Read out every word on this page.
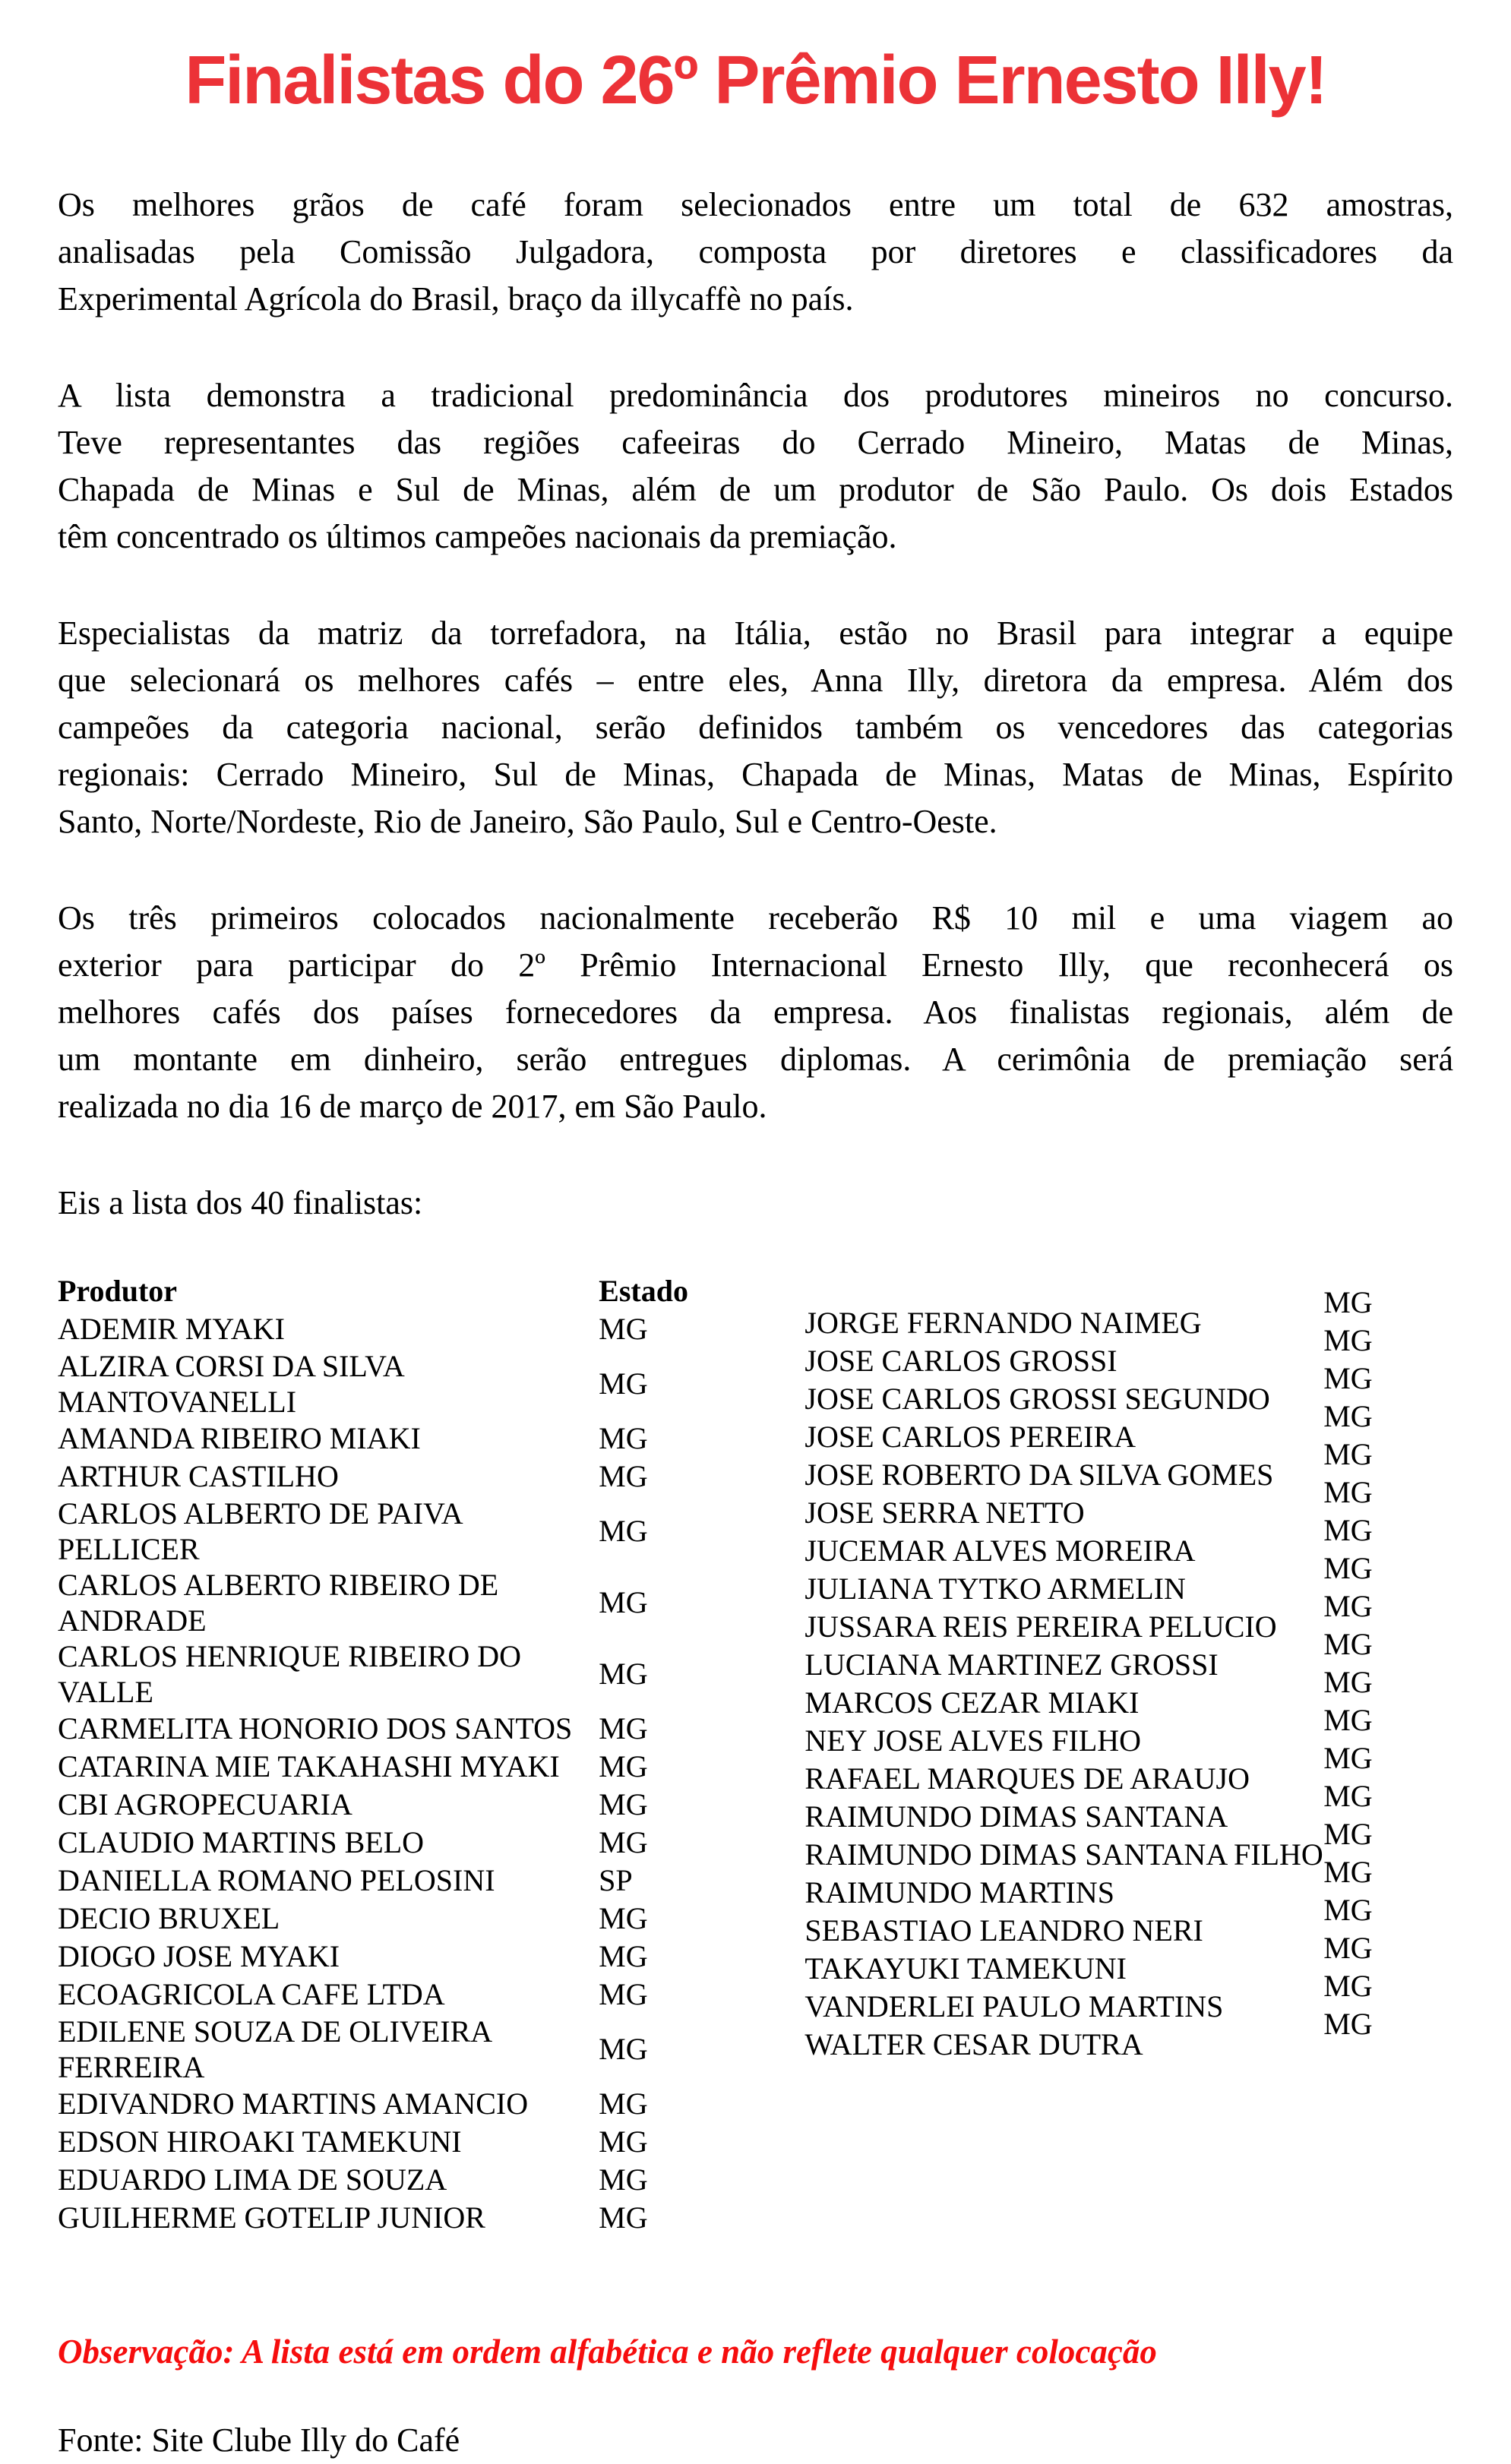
Finalistas do 26º Prêmio Ernesto Illy!
Os melhores grãos de café foram selecionados entre um total de 632 amostras,
analisadas pela Comissão Julgadora, composta por diretores e classificadores da
Experimental Agrícola do Brasil, braço da illycaffè no país.
A lista demonstra a tradicional predominância dos produtores mineiros no concurso.
Teve representantes das regiões cafeeiras do Cerrado Mineiro, Matas de Minas,
Chapada de Minas e Sul de Minas, além de um produtor de São Paulo. Os dois Estados
têm concentrado os últimos campeões nacionais da premiação.
Especialistas da matriz da torrefadora, na Itália, estão no Brasil para integrar a equipe
que selecionará os melhores cafés – entre eles, Anna Illy, diretora da empresa. Além dos
campeões da categoria nacional, serão definidos também os vencedores das categorias
regionais: Cerrado Mineiro, Sul de Minas, Chapada de Minas, Matas de Minas, Espírito
Santo, Norte/Nordeste, Rio de Janeiro, São Paulo, Sul e Centro-Oeste.
Os três primeiros colocados nacionalmente receberão R$ 10 mil e uma viagem ao
exterior para participar do 2º Prêmio Internacional Ernesto Illy, que reconhecerá os
melhores cafés dos países fornecedores da empresa. Aos finalistas regionais, além de
um montante em dinheiro, serão entregues diplomas. A cerimônia de premiação será
realizada no dia 16 de março de 2017, em São Paulo.

Eis a lista dos 40 finalistas:

Produtor	Estado
ADEMIR MYAKI	MG
ALZIRA CORSI DA SILVA MANTOVANELLI	MG
AMANDA RIBEIRO MIAKI	MG
ARTHUR CASTILHO	MG
CARLOS ALBERTO DE PAIVA PELLICER	MG
CARLOS ALBERTO RIBEIRO DE ANDRADE	MG
CARLOS HENRIQUE RIBEIRO DO VALLE	MG
CARMELITA HONORIO DOS SANTOS	MG
CATARINA MIE TAKAHASHI MYAKI	MG
CBI AGROPECUARIA	MG
CLAUDIO MARTINS BELO	MG
DANIELLA ROMANO PELOSINI	SP
DECIO BRUXEL	MG
DIOGO JOSE MYAKI	MG
ECOAGRICOLA CAFE LTDA	MG
EDILENE SOUZA DE OLIVEIRA FERREIRA	MG
EDIVANDRO MARTINS AMANCIO	MG
EDSON HIROAKI TAMEKUNI	MG
EDUARDO LIMA DE SOUZA	MG
GUILHERME GOTELIP JUNIOR	MG
JORGE FERNANDO NAIMEG	MG
JOSE CARLOS GROSSI	MG
JOSE CARLOS GROSSI SEGUNDO	MG
JOSE CARLOS PEREIRA	MG
JOSE ROBERTO DA SILVA GOMES	MG
JOSE SERRA NETTO	MG
JUCEMAR ALVES MOREIRA	MG
JULIANA TYTKO ARMELIN	MG
JUSSARA REIS PEREIRA PELUCIO	MG
LUCIANA MARTINEZ GROSSI	MG
MARCOS CEZAR MIAKI	MG
NEY JOSE ALVES FILHO	MG
RAFAEL MARQUES DE ARAUJO	MG
RAIMUNDO DIMAS SANTANA	MG
RAIMUNDO DIMAS SANTANA FILHO	MG
RAIMUNDO MARTINS	MG
SEBASTIAO LEANDRO NERI	MG
TAKAYUKI TAMEKUNI	MG
VANDERLEI PAULO MARTINS	MG
WALTER CESAR DUTRA	MG

Observação: A lista está em ordem alfabética e não reflete qualquer colocação

Fonte: Site Clube Illy do Café
